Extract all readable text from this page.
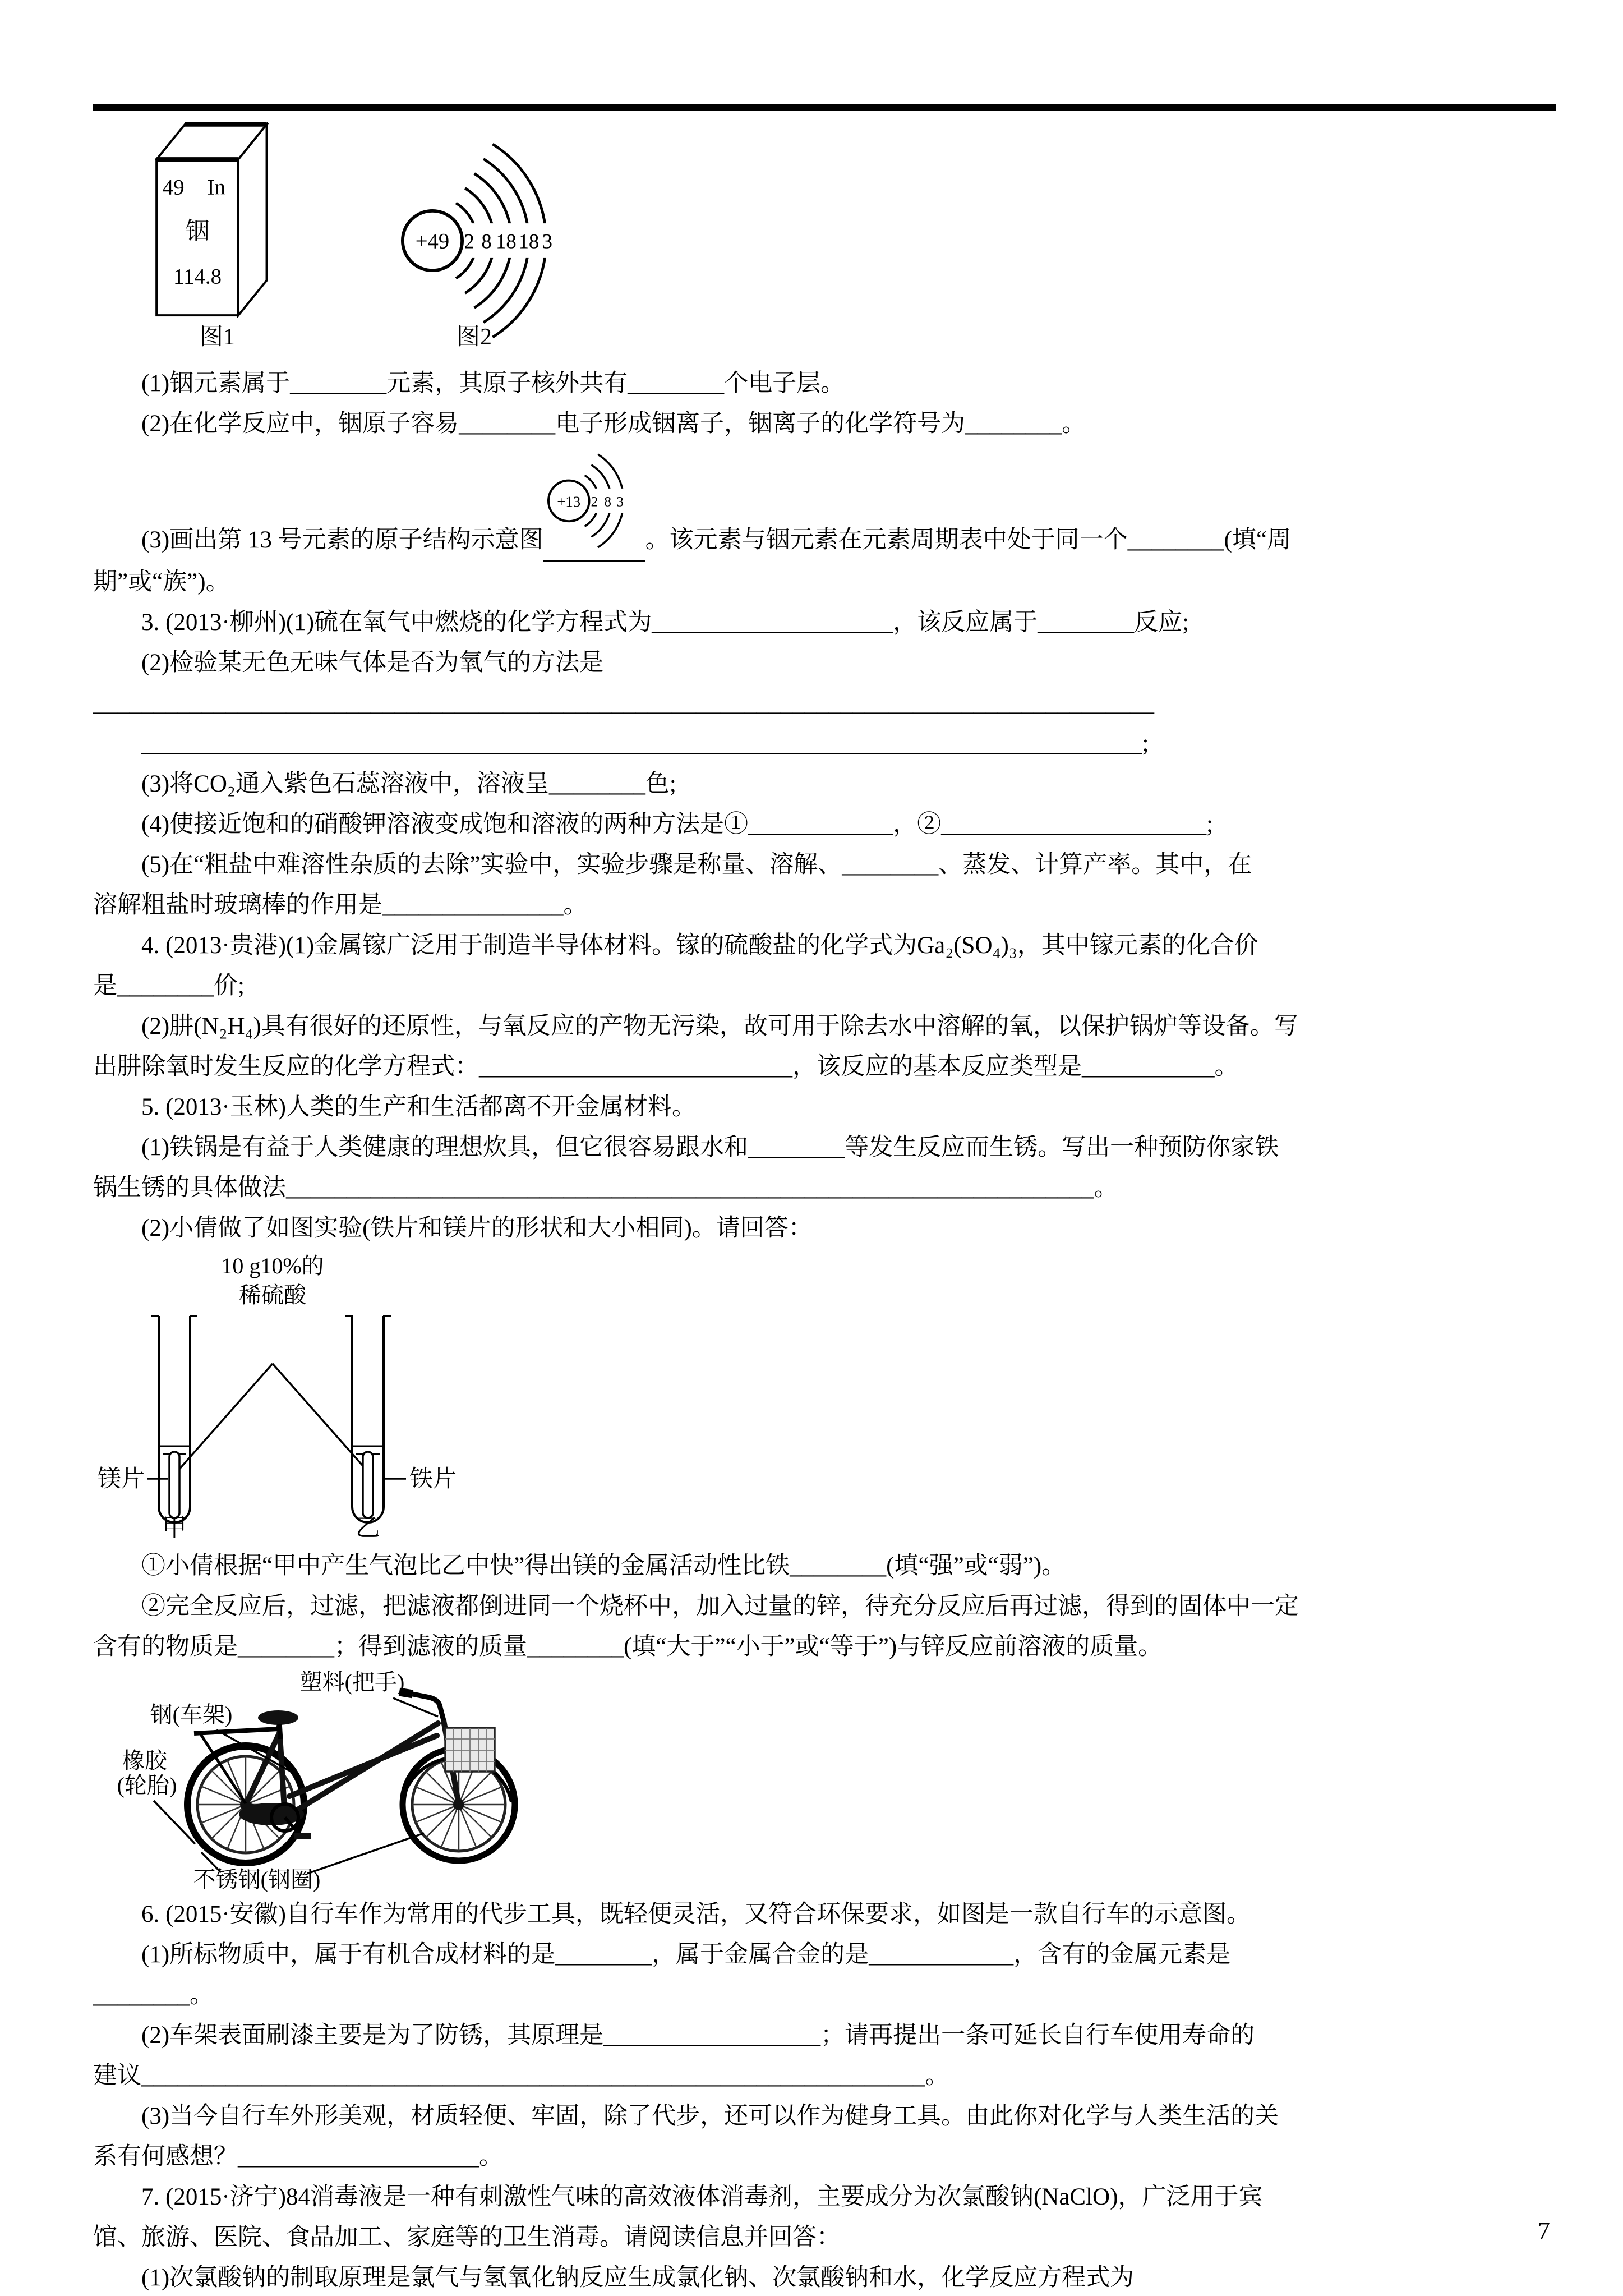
49 In
铟
114.8
+49 2 8 18 18 3
图1	图2

(1)铟元素属于________元素，其原子核外共有________个电子层。

(2)在化学反应中，铟原子容易________电子形成铟离子，铟离子的化学符号为________。

(3)画出第 13 号元素的原子结构示意图
+13 2 8 3
。该元素与铟元素在元素周期表中处于同一个________(填“周

期”或“族”)。

3. (2013·柳州)(1)硫在氧气中燃烧的化学方程式为____________________，该反应属于________反应;

(2)检验某无色无味气体是否为氧气的方法是

________________________________________________________________________________________

___________________________________________________________________________________;

(3)将CO₂通入紫色石蕊溶液中，溶液呈________色;

(4)使接近饱和的硝酸钾溶液变成饱和溶液的两种方法是①____________，②______________________;

(5)在“粗盐中难溶性杂质的去除”实验中，实验步骤是称量、溶解、________、蒸发、计算产率。其中，在

溶解粗盐时玻璃棒的作用是_______________。

4. (2013·贵港)(1)金属镓广泛用于制造半导体材料。镓的硫酸盐的化学式为Ga₂(SO₄)₃，其中镓元素的化合价

是________价;

(2)肼(N₂H₄)具有很好的还原性，与氧反应的产物无污染，故可用于除去水中溶解的氧，以保护锅炉等设备。写

出肼除氧时发生反应的化学方程式：__________________________，该反应的基本反应类型是___________。

5. (2013·玉林)人类的生产和生活都离不开金属材料。

(1)铁锅是有益于人类健康的理想炊具，但它很容易跟水和________等发生反应而生锈。写出一种预防你家铁

锅生锈的具体做法___________________________________________________________________。

(2)小倩做了如图实验(铁片和镁片的形状和大小相同)。请回答：

10 g10%的
稀硫酸
镁片	铁片
甲	乙

①小倩根据“甲中产生气泡比乙中快”得出镁的金属活动性比铁________(填“强”或“弱”)。

②完全反应后，过滤，把滤液都倒进同一个烧杯中，加入过量的锌，待充分反应后再过滤，得到的固体中一定

含有的物质是________；得到滤液的质量________(填“大于”“小于”或“等于”)与锌反应前溶液的质量。

塑料(把手)
钢(车架)
橡胶
(轮胎)
不锈钢(钢圈)

6. (2015·安徽)自行车作为常用的代步工具，既轻便灵活，又符合环保要求，如图是一款自行车的示意图。

(1)所标物质中，属于有机合成材料的是________，属于金属合金的是____________，含有的金属元素是

________。

(2)车架表面刷漆主要是为了防锈，其原理是__________________；请再提出一条可延长自行车使用寿命的

建议_________________________________________________________________。

(3)当今自行车外形美观，材质轻便、牢固，除了代步，还可以作为健身工具。由此你对化学与人类生活的关

系有何感想？____________________。

7. (2015·济宁)84消毒液是一种有刺激性气味的高效液体消毒剂，主要成分为次氯酸钠(NaClO)，广泛用于宾

馆、旅游、医院、食品加工、家庭等的卫生消毒。请阅读信息并回答：

(1)次氯酸钠的制取原理是氯气与氢氧化钠反应生成氯化钠、次氯酸钠和水，化学反应方程式为

7
